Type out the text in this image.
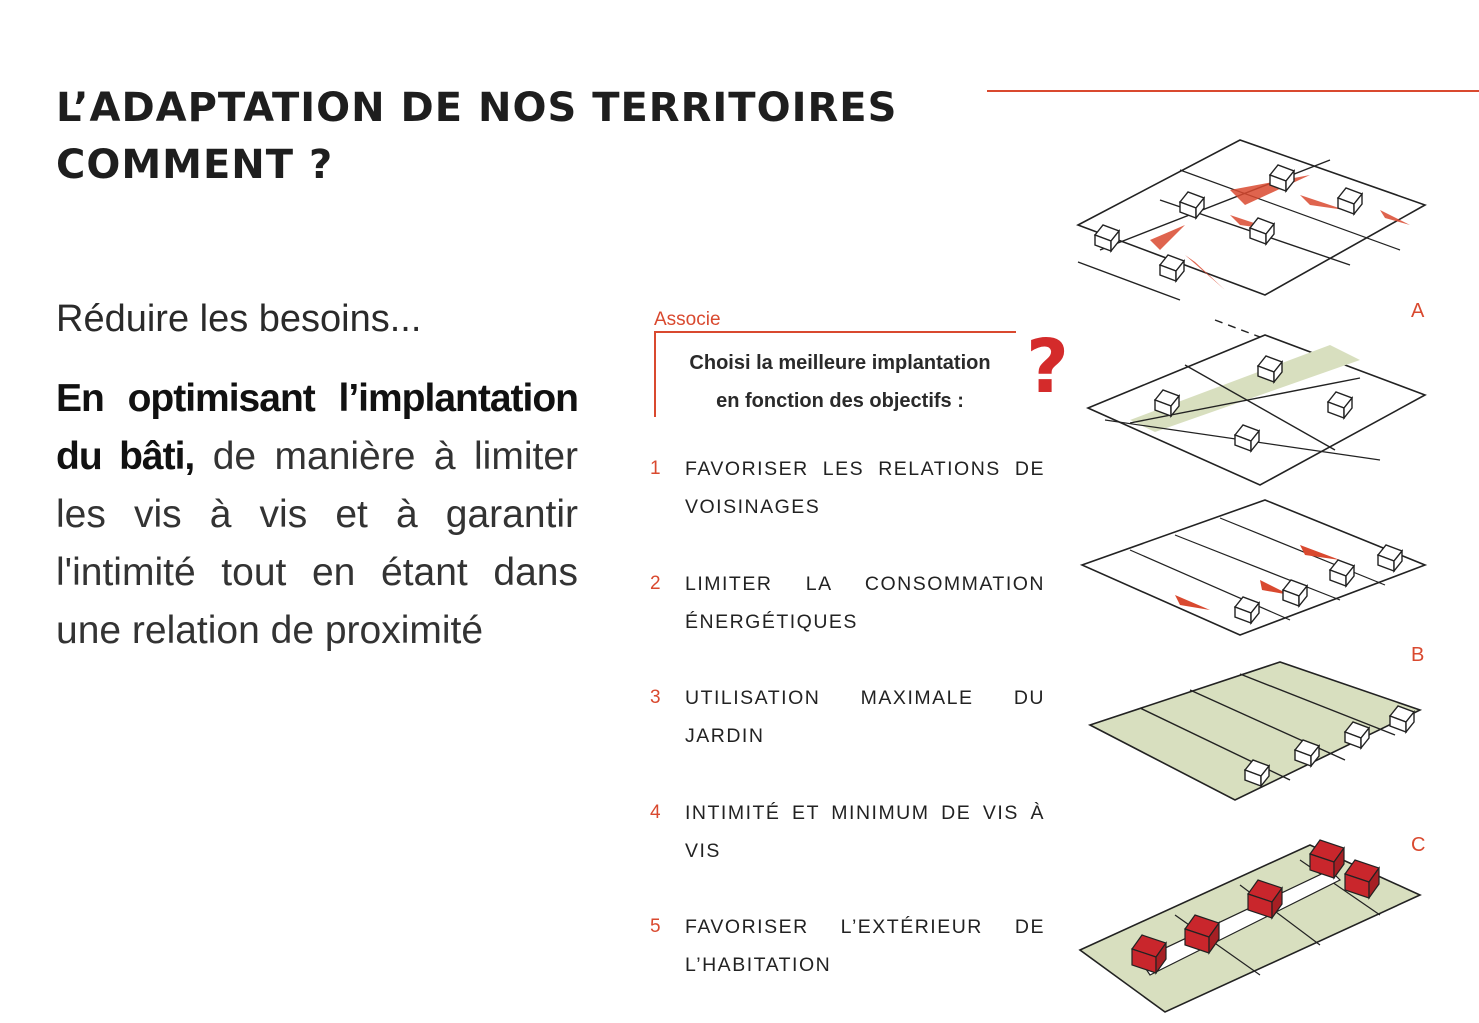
L’ADAPTATION DE NOS TERRITOIRES
COMMENT ?
Réduire les besoins...
En optimisant l’implantation du bâti, de manière à limiter les vis à vis et à garantir l'intimité tout en étant dans une relation de proximité
Associe
Choisi la meilleure implantation
en fonction des objectifs : ?
1 FAVORISER LES RELATIONS DE VOISINAGES
2 LIMITER LA CONSOMMATION ÉNERGÉTIQUES
3 UTILISATION MAXIMALE DU JARDIN
4 INTIMITÉ ET MINIMUM DE VIS À VIS
5 FAVORISER L’EXTÉRIEUR DE L’HABITATION
A
B
C
